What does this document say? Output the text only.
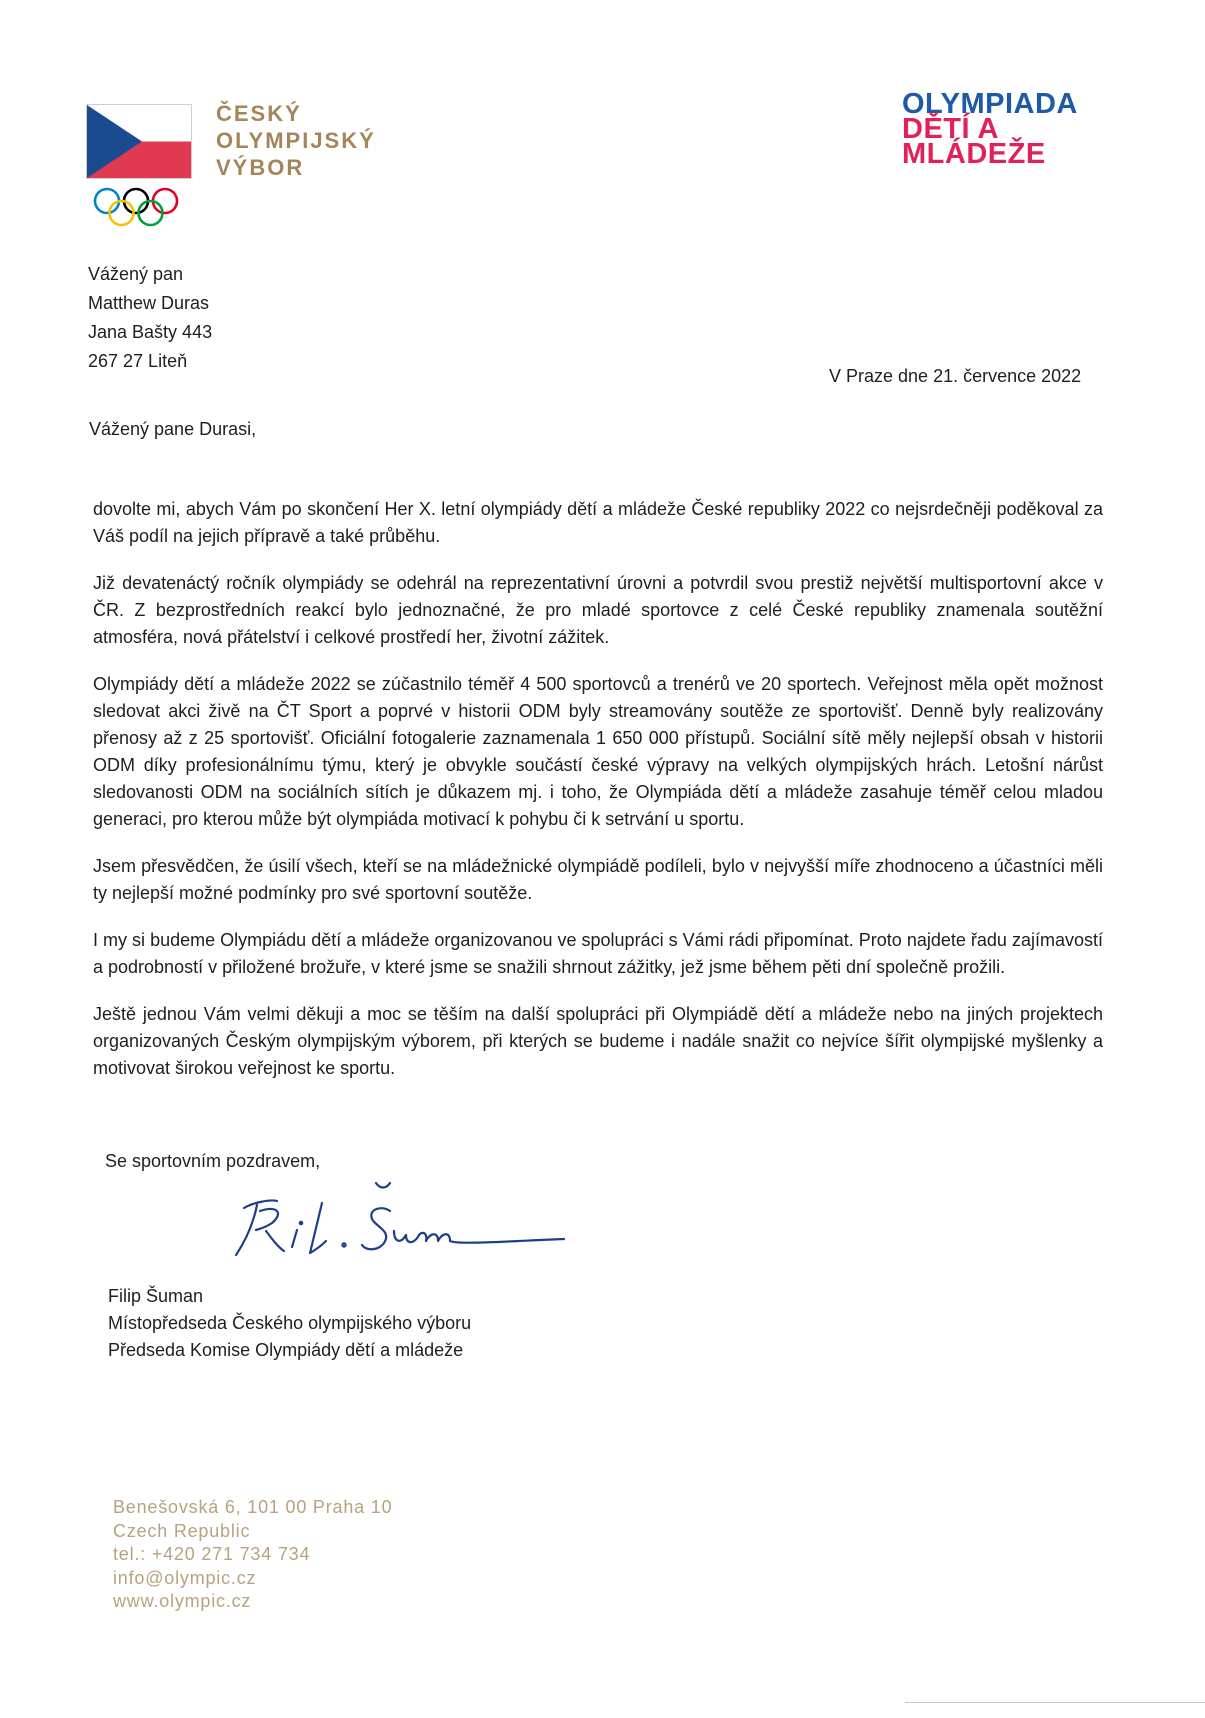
ČESKÝ
OLYMPIJSKÝ
VÝBOR
OLYMPIADA
DĚTÍ A
MLÁDEŽE
Vážený pan
Matthew Duras
Jana Bašty 443
267 27 Liteň
V Praze dne 21. července 2022
Vážený pane Durasi,

dovolte mi, abych Vám po skončení Her X. letní olympiády dětí a mládeže České republiky 2022 co nejsrdečněji poděkoval za Váš podíl na jejich přípravě a také průběhu.

Již devatenáctý ročník olympiády se odehrál na reprezentativní úrovni a potvrdil svou prestiž největší multisportovní akce v ČR. Z bezprostředních reakcí bylo jednoznačné, že pro mladé sportovce z celé České republiky znamenala soutěžní atmosféra, nová přátelství i celkové prostředí her, životní zážitek.

Olympiády dětí a mládeže 2022 se zúčastnilo téměř 4 500 sportovců a trenérů ve 20 sportech. Veřejnost měla opět možnost sledovat akci živě na ČT Sport a poprvé v historii ODM byly streamovány soutěže ze sportovišť. Denně byly realizovány přenosy až z 25 sportovišť. Oficiální fotogalerie zaznamenala 1 650 000 přístupů. Sociální sítě měly nejlepší obsah v historii ODM díky profesionálnímu týmu, který je obvykle součástí české výpravy na velkých olympijských hrách. Letošní nárůst sledovanosti ODM na sociálních sítích je důkazem mj. i toho, že Olympiáda dětí a mládeže zasahuje téměř celou mladou generaci, pro kterou může být olympiáda motivací k pohybu či k setrvání u sportu.

Jsem přesvědčen, že úsilí všech, kteří se na mládežnické olympiádě podíleli, bylo v nejvyšší míře zhodnoceno a účastníci měli ty nejlepší možné podmínky pro své sportovní soutěže.

I my si budeme Olympiádu dětí a mládeže organizovanou ve spolupráci s Vámi rádi připomínat. Proto najdete řadu zajímavostí a podrobností v přiložené brožuře, v které jsme se snažili shrnout zážitky, jež jsme během pěti dní společně prožili.

Ještě jednou Vám velmi děkuji a moc se těším na další spolupráci při Olympiádě dětí a mládeže nebo na jiných projektech organizovaných Českým olympijským výborem, při kterých se budeme i nadále snažit co nejvíce šířit olympijské myšlenky a motivovat širokou veřejnost ke sportu.

Se sportovním pozdravem,
Filip Šuman
Místopředseda Českého olympijského výboru
Předseda Komise Olympiády dětí a mládeže
Benešovská 6, 101 00 Praha 10
Czech Republic
tel.: +420 271 734 734
info@olympic.cz
www.olympic.cz
